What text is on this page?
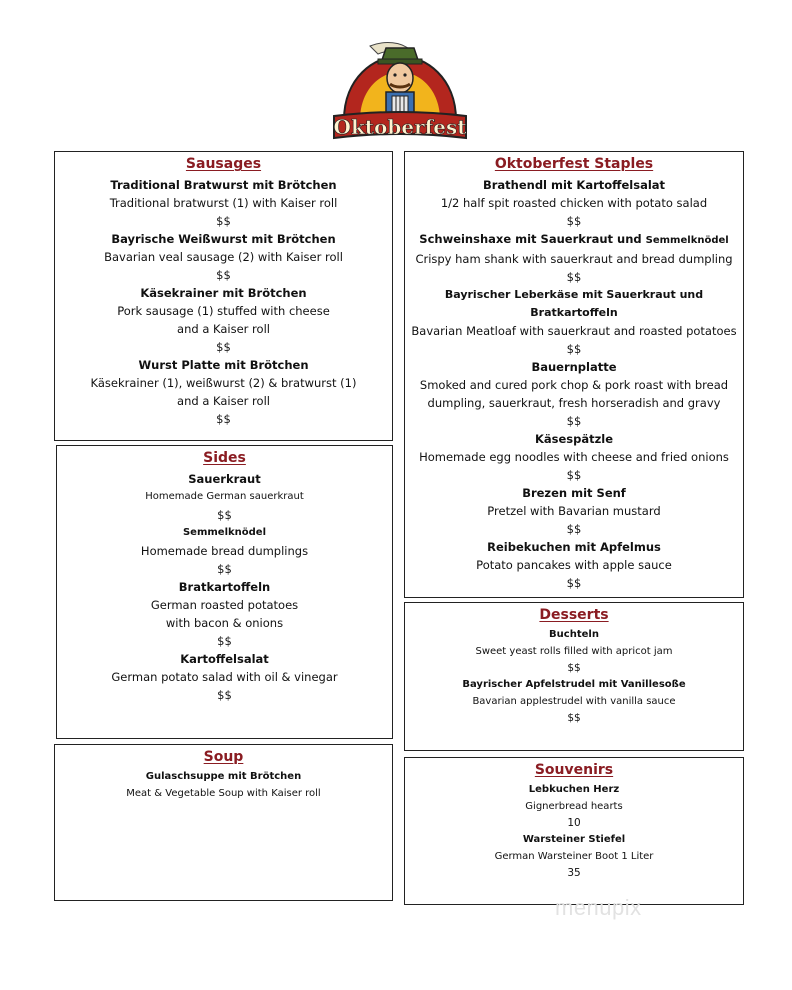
Oktoberfest
Sausages
Traditional Bratwurst mit Brötchen
Traditional bratwurst (1) with Kaiser roll
$$
Bayrische Weißwurst mit Brötchen
Bavarian veal sausage (2) with Kaiser roll
$$
Käsekrainer mit Brötchen
Pork sausage (1) stuffed with cheese
and a Kaiser roll
$$
Wurst Platte mit Brötchen
Käsekrainer (1), weißwurst (2) & bratwurst (1)
and a Kaiser roll
$$
Sides
Sauerkraut
Homemade German sauerkraut
$$
Semmelknödel
Homemade bread dumplings
$$
Bratkartoffeln
German roasted potatoes
with bacon & onions
$$
Kartoffelsalat
German potato salad with oil & vinegar
$$
Soup
Gulaschsuppe mit Brötchen
Meat & Vegetable Soup with Kaiser roll
Oktoberfest Staples
Brathendl mit Kartoffelsalat
1/2 half spit roasted chicken with potato salad
$$
Schweinshaxe mit Sauerkraut und Semmelknödel
Crispy ham shank with sauerkraut and bread dumpling
$$
Bayrischer Leberkäse mit Sauerkraut und Bratkartoffeln
Bavarian Meatloaf with sauerkraut and roasted potatoes
$$
Bauernplatte
Smoked and cured pork chop & pork roast with bread
dumpling, sauerkraut, fresh horseradish and gravy
$$
Käsespätzle
Homemade egg noodles with cheese and fried onions
$$
Brezen mit Senf
Pretzel with Bavarian mustard
$$
Reibekuchen mit Apfelmus
Potato pancakes with apple sauce
$$
Desserts
Buchteln
Sweet yeast rolls filled with apricot jam
$$
Bayrischer Apfelstrudel mit Vanillesoße
Bavarian applestrudel with vanilla sauce
$$
Souvenirs
Lebkuchen Herz
Gignerbread hearts
10
Warsteiner Stiefel
German Warsteiner Boot 1 Liter
35
menupix
